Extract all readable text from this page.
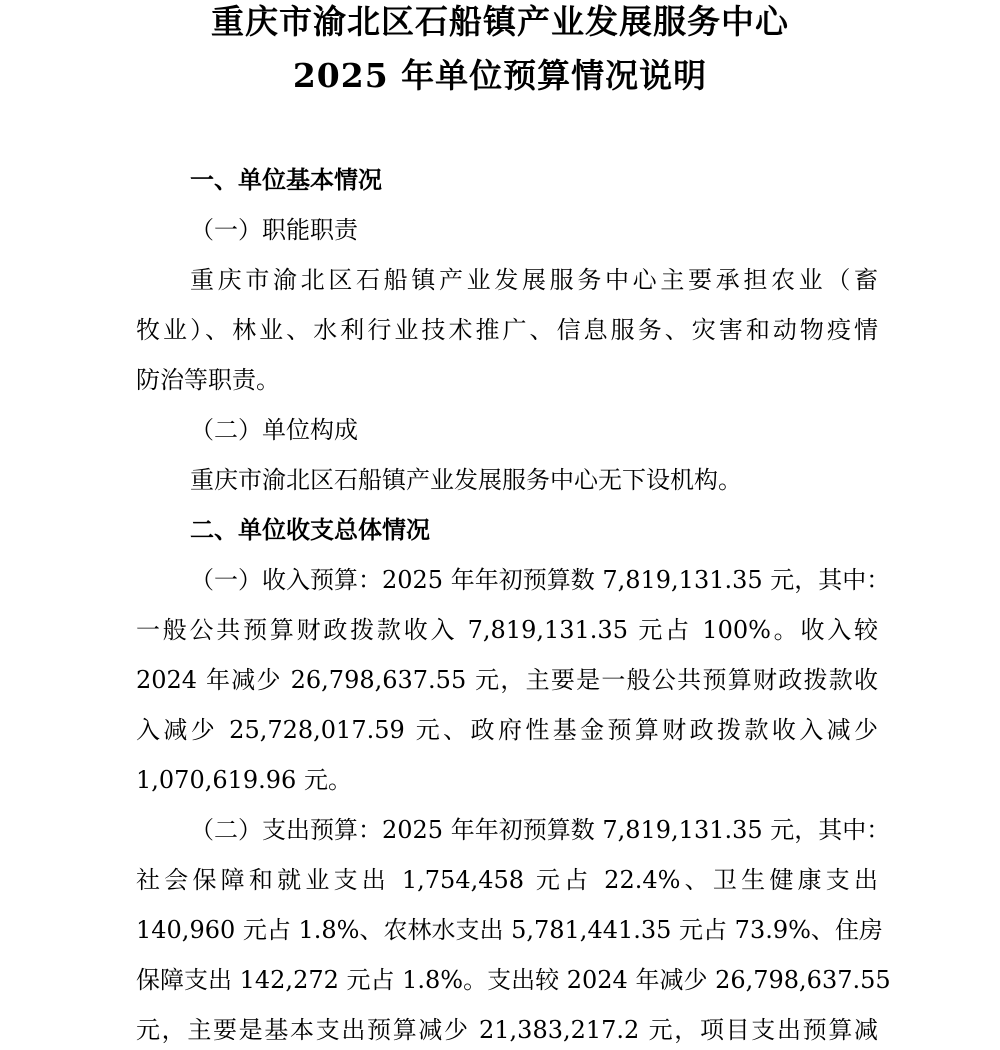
重庆市渝北区石船镇产业发展服务中心
2025 年单位预算情况说明
一、单位基本情况
（一）职能职责
重庆市渝北区石船镇产业发展服务中心主要承担农业（畜
牧业）、林业、水利行业技术推广、信息服务、灾害和动物疫情
防治等职责。
（二）单位构成
重庆市渝北区石船镇产业发展服务中心无下设机构。
二、单位收支总体情况
（一）收入预算：2025 年年初预算数 7,819,131.35 元，其中：
一般公共预算财政拨款收入 7,819,131.35 元占 100%。收入较
2024 年减少 26,798,637.55 元，主要是一般公共预算财政拨款收
入减少 25,728,017.59 元、政府性基金预算财政拨款收入减少
1,070,619.96 元。
（二）支出预算：2025 年年初预算数 7,819,131.35 元，其中：
社会保障和就业支出 1,754,458 元占 22.4%、卫生健康支出
140,960 元占 1.8%、农林水支出 5,781,441.35 元占 73.9%、住房
保障支出 142,272 元占 1.8%。支出较 2024 年减少 26,798,637.55
元，主要是基本支出预算减少 21,383,217.2 元，项目支出预算减
